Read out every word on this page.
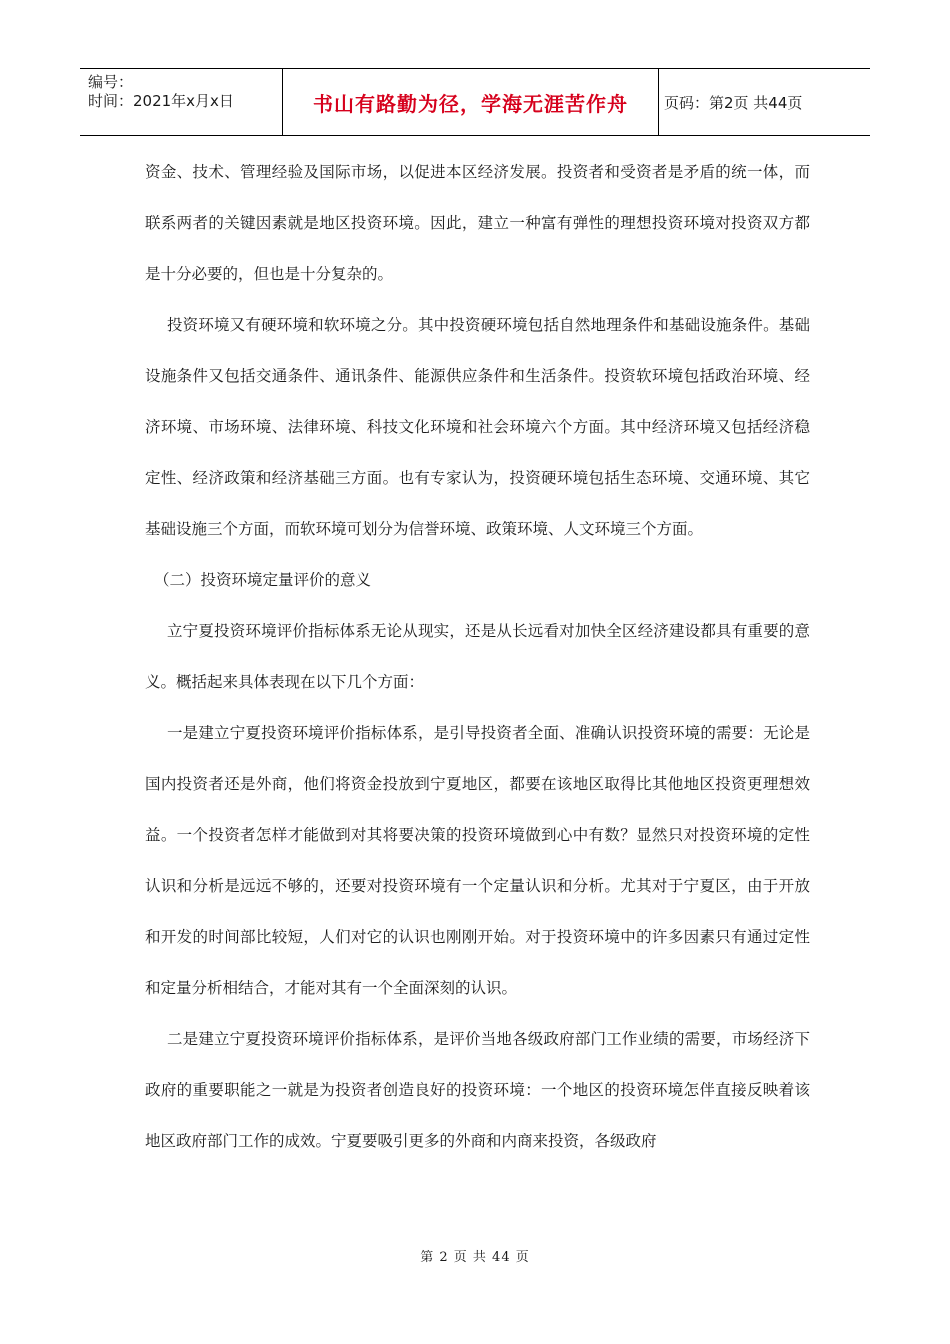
编号：
时间：2021年x月x日	书山有路勤为径，学海无涯苦作舟	页码：第2页 共44页

资金、技术、管理经验及国际市场，以促进本区经济发展。投资者和受资者是矛盾的统一体，而联系两者的关键因素就是地区投资环境。因此，建立一种富有弹性的理想投资环境对投资双方都是十分必要的，但也是十分复杂的。

投资环境又有硬环境和软环境之分。其中投资硬环境包括自然地理条件和基础设施条件。基础设施条件又包括交通条件、通讯条件、能源供应条件和生活条件。投资软环境包括政治环境、经济环境、市场环境、法律环境、科技文化环境和社会环境六个方面。其中经济环境又包括经济稳定性、经济政策和经济基础三方面。也有专家认为，投资硬环境包括生态环境、交通环境、其它基础设施三个方面，而软环境可划分为信誉环境、政策环境、人文环境三个方面。

（二）投资环境定量评价的意义

立宁夏投资环境评价指标体系无论从现实，还是从长远看对加快全区经济建设都具有重要的意义。概括起来具体表现在以下几个方面：

一是建立宁夏投资环境评价指标体系，是引导投资者全面、准确认识投资环境的需要：无论是国内投资者还是外商，他们将资金投放到宁夏地区，都要在该地区取得比其他地区投资更理想效益。一个投资者怎样才能做到对其将要决策的投资环境做到心中有数？显然只对投资环境的定性认识和分析是远远不够的，还要对投资环境有一个定量认识和分析。尤其对于宁夏区，由于开放和开发的时间部比较短，人们对它的认识也刚刚开始。对于投资环境中的许多因素只有通过定性和定量分析相结合，才能对其有一个全面深刻的认识。

二是建立宁夏投资环境评价指标体系，是评价当地各级政府部门工作业绩的需要，市场经济下政府的重要职能之一就是为投资者创造良好的投资环境：一个地区的投资环境怎伴直接反映着该地区政府部门工作的成效。宁夏要吸引更多的外商和内商来投资，各级政府

第 2 页 共 44 页
